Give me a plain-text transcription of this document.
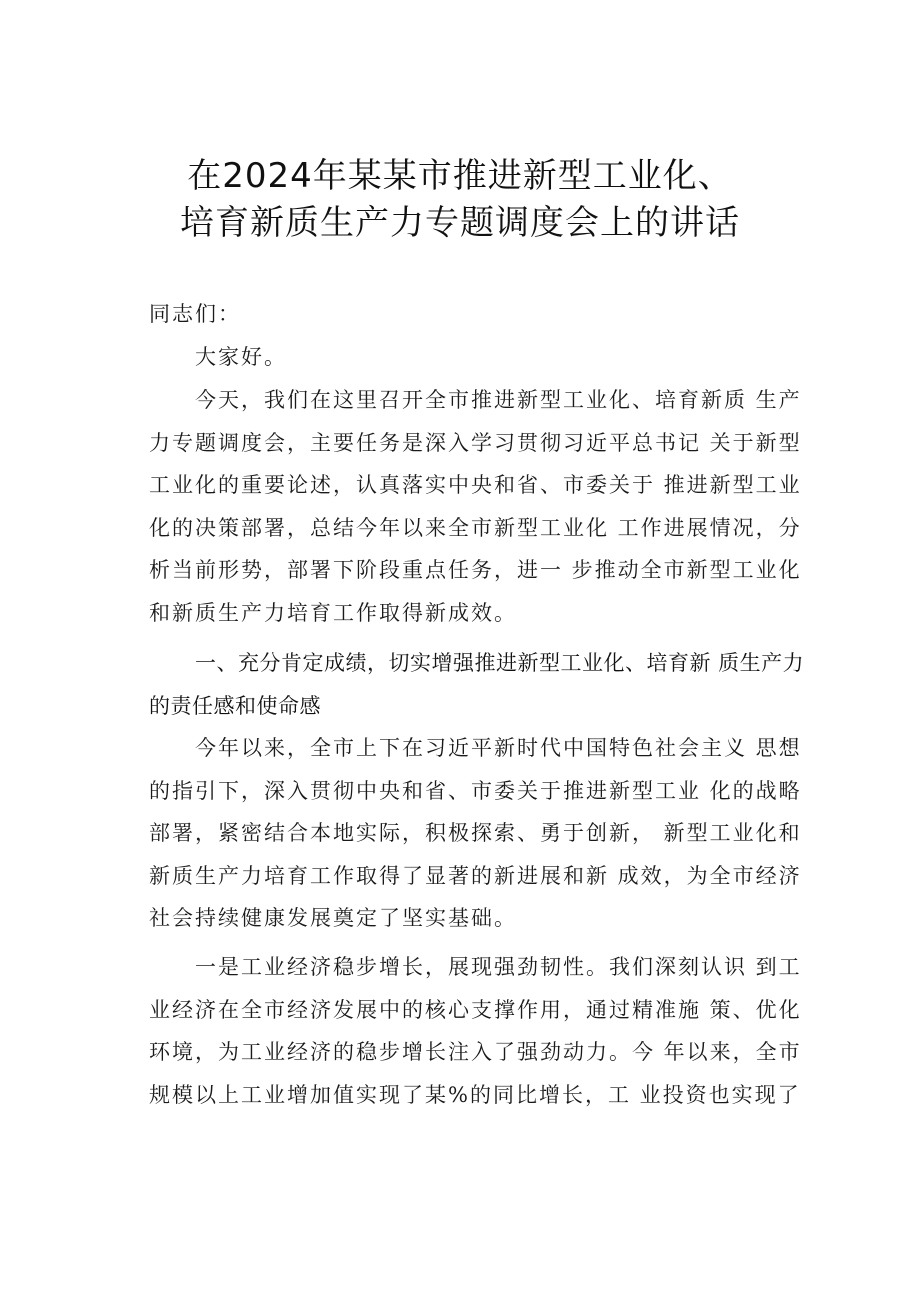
在2024年某某市推进新型工业化、
培育新质生产力专题调度会上的讲话

同志们：

大家好。

今天，我们在这里召开全市推进新型工业化、培育新质 生产力专题调度会，主要任务是深入学习贯彻习近平总书记 关于新型工业化的重要论述，认真落实中央和省、市委关于 推进新型工业化的决策部署，总结今年以来全市新型工业化 工作进展情况，分析当前形势，部署下阶段重点任务，进一 步推动全市新型工业化和新质生产力培育工作取得新成效。

一、充分肯定成绩，切实增强推进新型工业化、培育新 质生产力的责任感和使命感

今年以来，全市上下在习近平新时代中国特色社会主义 思想的指引下，深入贯彻中央和省、市委关于推进新型工业 化的战略部署，紧密结合本地实际，积极探索、勇于创新， 新型工业化和新质生产力培育工作取得了显著的新进展和新 成效，为全市经济社会持续健康发展奠定了坚实基础。

一是工业经济稳步增长，展现强劲韧性。我们深刻认识 到工业经济在全市经济发展中的核心支撑作用，通过精准施 策、优化环境，为工业经济的稳步增长注入了强劲动力。今 年以来，全市规模以上工业增加值实现了某%的同比增长，工 业投资也实现了
